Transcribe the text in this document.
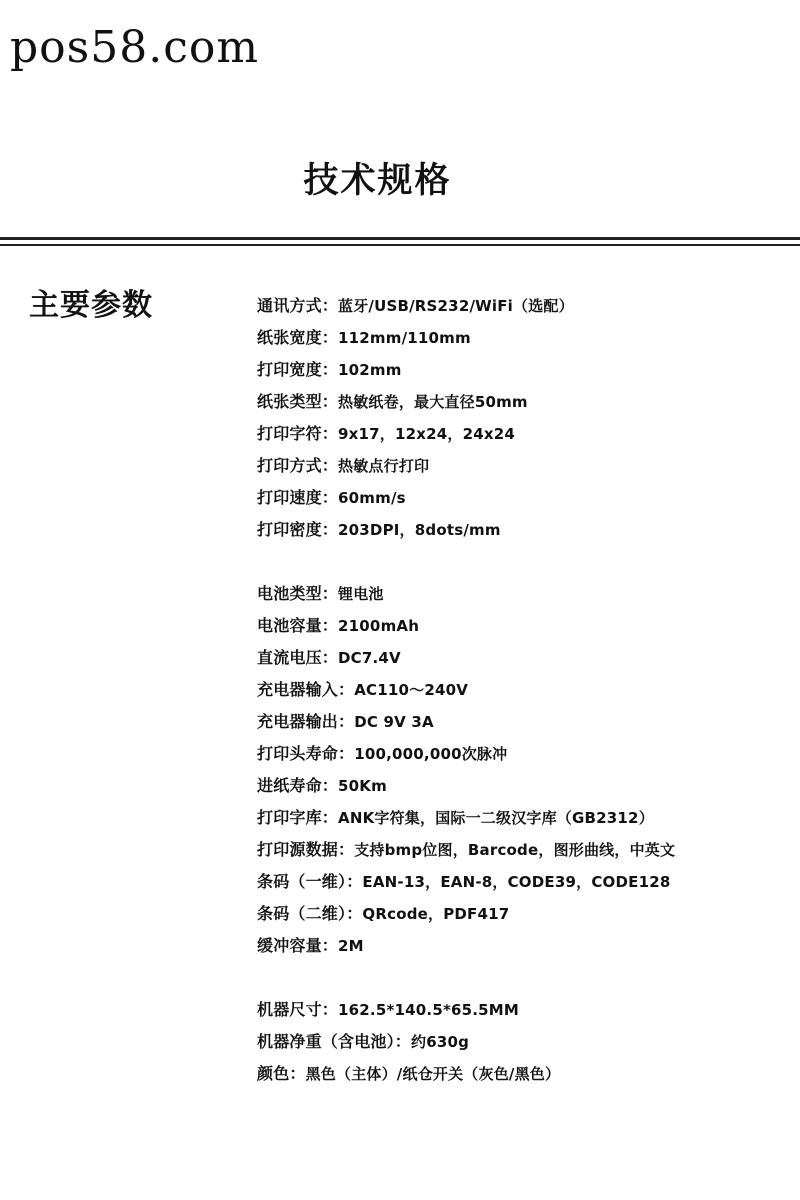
pos58.com
技术规格
主要参数	通讯方式：蓝牙/USB/RS232/WiFi（选配）
纸张宽度：112mm/110mm
打印宽度：102mm
纸张类型：热敏纸卷，最大直径50mm
打印字符：9x17，12x24，24x24
打印方式：热敏点行打印
打印速度：60mm/s
打印密度：203DPI，8dots/mm
电池类型：锂电池
电池容量：2100mAh
直流电压：DC7.4V
充电器输入：AC110～240V
充电器输出：DC 9V 3A
打印头寿命：100,000,000次脉冲
进纸寿命：50Km
打印字库：ANK字符集，国际一二级汉字库（GB2312）
打印源数据：支持bmp位图，Barcode，图形曲线，中英文
条码（一维）：EAN-13，EAN-8，CODE39，CODE128
条码（二维）：QRcode，PDF417
缓冲容量：2M
机器尺寸：162.5*140.5*65.5MM
机器净重（含电池）：约630g
颜色：黑色（主体）/纸仓开关（灰色/黑色）
